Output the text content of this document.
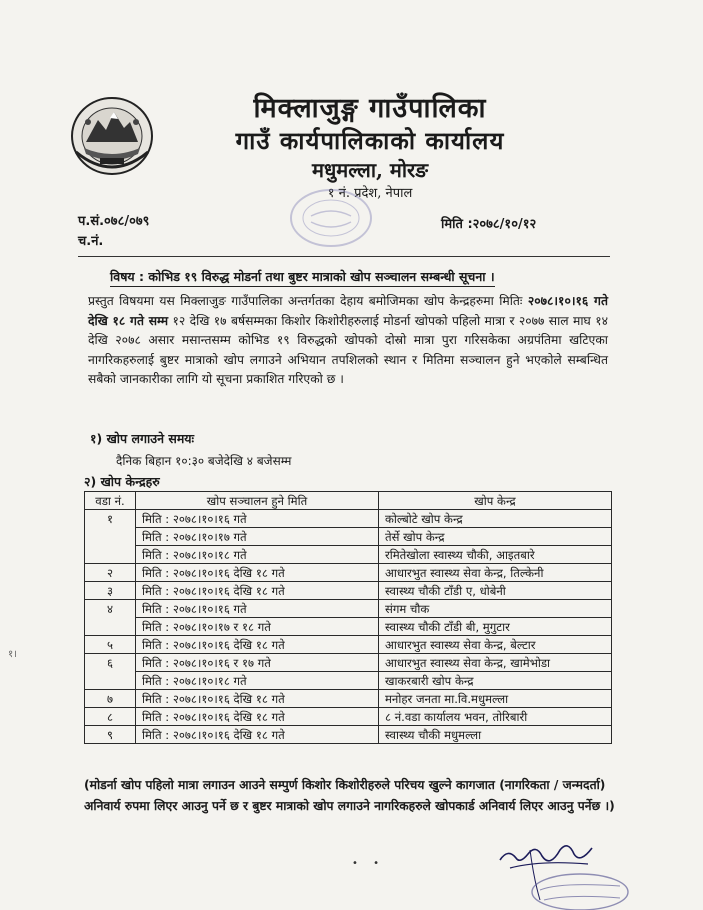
मिक्लाजुङ्ग गाउँपालिका
गाउँ कार्यपालिकाको कार्यालय
मधुमल्ला, मोरङ
१ नं. प्रदेश, नेपाल
प.सं.०७८/०७९
च.नं.
मिति :२०७८/१०/१२
विषय : कोभिड १९ विरुद्ध मोडर्ना तथा बुष्टर मात्राको खोप सञ्चालन सम्बन्धी सूचना ।
प्रस्तुत विषयमा यस मिक्लाजुङ गाउँपालिका अन्तर्गतका देहाय बमोजिमका खोप केन्द्रहरुमा मितिः २०७८।१०।१६ गते देखि १८ गते सम्म १२ देखि १७ बर्षसम्मका किशोर किशोरीहरुलाई मोडर्ना खोपको पहिलो मात्रा र २०७७ साल माघ १४ देखि २०७८ असार मसान्तसम्म कोभिड १९ विरुद्धको खोपको दोस्रो मात्रा पुरा गरिसकेका अग्रपंतिमा खटिएका नागरिकहरुलाई बुष्टर मात्राको खोप लगाउने अभियान तपशिलको स्थान र मितिमा सञ्चालन हुने भएकोले सम्बन्धित सबैको जानकारीका लागि यो सूचना प्रकाशित गरिएको छ ।
१) खोप लगाउने समयः
दैनिक बिहान १०:३० बजेदेखि ४ बजेसम्म
२) खोप केन्द्रहरु
वडा नं.	खोप सञ्चालन हुने मिति	खोप केन्द्र
१	मिति : २०७८।१०।१६ गते	कोल्बोटे खोप केन्द्र
	मिति : २०७८।१०।१७ गते	तेर्से खोप केन्द्र
	मिति : २०७८।१०।१८ गते	रमितेखोला स्वास्थ्य चौकी, आइतबारे
२	मिति : २०७८।१०।१६ देखि १८ गते	आधारभुत स्वास्थ्य सेवा केन्द्र, तिल्केनी
३	मिति : २०७८।१०।१६ देखि १८ गते	स्वास्थ्य चौकी टाँडी ए, धोबेनी
४	मिति : २०७८।१०।१६ गते	संगम चौक
	मिति : २०७८।१०।१७ र १८ गते	स्वास्थ्य चौकी टाँडी बी, मुगुटार
५	मिति : २०७८।१०।१६ देखि १८ गते	आधारभुत स्वास्थ्य सेवा केन्द्र, बेल्टार
६	मिति : २०७८।१०।१६ र १७ गते	आधारभुत स्वास्थ्य सेवा केन्द्र, खामेभोडा
	मिति : २०७८।१०।१८ गते	खाकरबारी खोप केन्द्र
७	मिति : २०७८।१०।१६ देखि १८ गते	मनोहर जनता मा.वि.मधुमल्ला
८	मिति : २०७८।१०।१६ देखि १८ गते	८ नं.वडा कार्यालय भवन, तोरिबारी
९	मिति : २०७८।१०।१६ देखि १८ गते	स्वास्थ्य चौकी मधुमल्ला
(मोडर्ना खोप पहिलो मात्रा लगाउन आउने सम्पुर्ण किशोर किशोरीहरुले परिचय खुल्ने कागजात (नागरिकता / जन्मदर्ता) अनिवार्य रुपमा लिएर आउनु पर्ने छ र बुष्टर मात्राको खोप लगाउने नागरिकहरुले खोपकार्ड अनिवार्य लिएर आउनु पर्नेछ ।)
१।
• •
